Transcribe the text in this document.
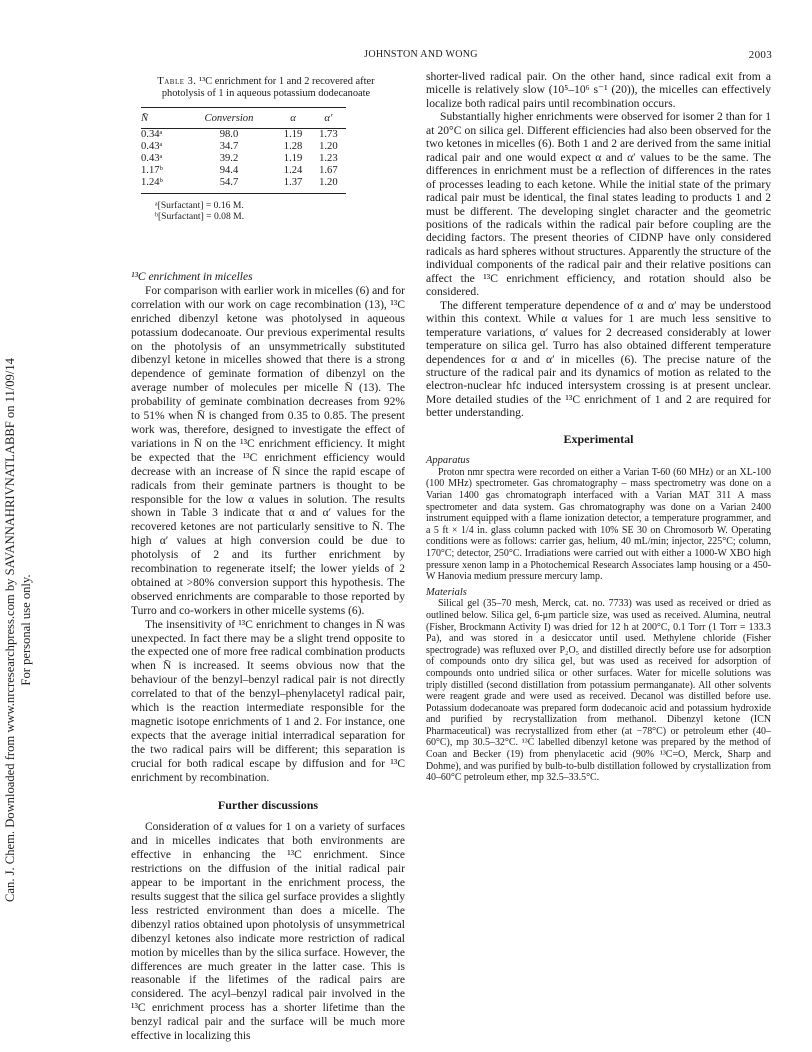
Can. J. Chem. Downloaded from www.nrcresearchpress.com by SAVANNAHRIVNATLABBF on 11/09/14 For personal use only.
JOHNSTON AND WONG	2003
Table 3. ¹³C enrichment for 1 and 2 recovered after photolysis of 1 in aqueous potassium dodecanoate
N̄	Conversion	α	α′
0.34ᵃ	98.0	1.19	1.73
0.43ᵃ	34.7	1.28	1.20
0.43ᵃ	39.2	1.19	1.23
1.17ᵇ	94.4	1.24	1.67
1.24ᵇ	54.7	1.37	1.20
ᵃ[Surfactant] = 0.16 M.
ᵇ[Surfactant] = 0.08 M.
¹³C enrichment in micelles

For comparison with earlier work in micelles (6) and for correlation with our work on cage recombination (13), ¹³C enriched dibenzyl ketone was photolysed in aqueous potassium dodecanoate. Our previous experimental results on the photolysis of an unsymmetrically substituted dibenzyl ketone in micelles showed that there is a strong dependence of geminate formation of dibenzyl on the average number of molecules per micelle N̄ (13). The probability of geminate combination decreases from 92% to 51% when N̄ is changed from 0.35 to 0.85. The present work was, therefore, designed to investigate the effect of variations in N̄ on the ¹³C enrichment efficiency. It might be expected that the ¹³C enrichment efficiency would decrease with an increase of N̄ since the rapid escape of radicals from their geminate partners is thought to be responsible for the low α values in solution. The results shown in Table 3 indicate that α and α′ values for the recovered ketones are not particularly sensitive to N̄. The high α′ values at high conversion could be due to photolysis of 2 and its further enrichment by recombination to regenerate itself; the lower yields of 2 obtained at >80% conversion support this hypothesis. The observed enrichments are comparable to those reported by Turro and co-workers in other micelle systems (6).

The insensitivity of ¹³C enrichment to changes in N̄ was unexpected. In fact there may be a slight trend opposite to the expected one of more free radical combination products when N̄ is increased. It seems obvious now that the behaviour of the benzyl–benzyl radical pair is not directly correlated to that of the benzyl–phenylacetyl radical pair, which is the reaction intermediate responsible for the magnetic isotope enrichments of 1 and 2. For instance, one expects that the average initial interradical separation for the two radical pairs will be different; this separation is crucial for both radical escape by diffusion and for ¹³C enrichment by recombination.

Further discussions

Consideration of α values for 1 on a variety of surfaces and in micelles indicates that both environments are effective in enhancing the ¹³C enrichment. Since restrictions on the diffusion of the initial radical pair appear to be important in the enrichment process, the results suggest that the silica gel surface provides a slightly less restricted environment than does a micelle. The dibenzyl ratios obtained upon photolysis of unsymmetrical dibenzyl ketones also indicate more restriction of radical motion by micelles than by the silica surface. However, the differences are much greater in the latter case. This is reasonable if the lifetimes of the radical pairs are considered. The acyl–benzyl radical pair involved in the ¹³C enrichment process has a shorter lifetime than the benzyl radical pair and the surface will be much more effective in localizing this

shorter-lived radical pair. On the other hand, since radical exit from a micelle is relatively slow (10⁵–10⁶ s⁻¹ (20)), the micelles can effectively localize both radical pairs until recombination occurs.

Substantially higher enrichments were observed for isomer 2 than for 1 at 20°C on silica gel. Different efficiencies had also been observed for the two ketones in micelles (6). Both 1 and 2 are derived from the same initial radical pair and one would expect α and α′ values to be the same. The differences in enrichment must be a reflection of differences in the rates of processes leading to each ketone. While the initial state of the primary radical pair must be identical, the final states leading to products 1 and 2 must be different. The developing singlet character and the geometric positions of the radicals within the radical pair before coupling are the deciding factors. The present theories of CIDNP have only considered radicals as hard spheres without structures. Apparently the structure of the individual components of the radical pair and their relative positions can affect the ¹³C enrichment efficiency, and rotation should also be considered.

The different temperature dependence of α and α′ may be understood within this context. While α values for 1 are much less sensitive to temperature variations, α′ values for 2 decreased considerably at lower temperature on silica gel. Turro has also obtained different temperature dependences for α and α′ in micelles (6). The precise nature of the structure of the radical pair and its dynamics of motion as related to the electron-nuclear hfc induced intersystem crossing is at present unclear. More detailed studies of the ¹³C enrichment of 1 and 2 are required for better understanding.

Experimental
Apparatus

Proton nmr spectra were recorded on either a Varian T-60 (60 MHz) or an XL-100 (100 MHz) spectrometer. Gas chromatography – mass spectrometry was done on a Varian 1400 gas chromatograph interfaced with a Varian MAT 311 A mass spectrometer and data system. Gas chromatography was done on a Varian 2400 instrument equipped with a flame ionization detector, a temperature programmer, and a 5 ft × 1/4 in. glass column packed with 10% SE 30 on Chromosorb W. Operating conditions were as follows: carrier gas, helium, 40 mL/min; injector, 225°C; column, 170°C; detector, 250°C. Irradiations were carried out with either a 1000-W XBO high pressure xenon lamp in a Photochemical Research Associates lamp housing or a 450-W Hanovia medium pressure mercury lamp.

Materials

Silical gel (35–70 mesh, Merck, cat. no. 7733) was used as received or dried as outlined below. Silica gel, 6-μm particle size, was used as received. Alumina, neutral (Fisher, Brockmann Activity I) was dried for 12 h at 200°C, 0.1 Torr (1 Torr = 133.3 Pa), and was stored in a desiccator until used. Methylene chloride (Fisher spectrograde) was refluxed over P₂O₅ and distilled directly before use for adsorption of compounds onto dry silica gel, but was used as received for adsorption of compounds onto undried silica or other surfaces. Water for micelle solutions was triply distilled (second distillation from potassium permanganate). All other solvents were reagent grade and were used as received. Decanol was distilled before use. Potassium dodecanoate was prepared form dodecanoic acid and potassium hydroxide and purified by recrystallization from methanol. Dibenzyl ketone (ICN Pharmaceutical) was recrystallized from ether (at −78°C) or petroleum ether (40–60°C), mp 30.5–32°C. ¹³C labelled dibenzyl ketone was prepared by the method of Coan and Becker (19) from phenylacetic acid (90% ¹³C=O, Merck, Sharp and Dohme), and was purified by bulb-to-bulb distillation followed by crystallization from 40–60°C petroleum ether, mp 32.5–33.5°C.
